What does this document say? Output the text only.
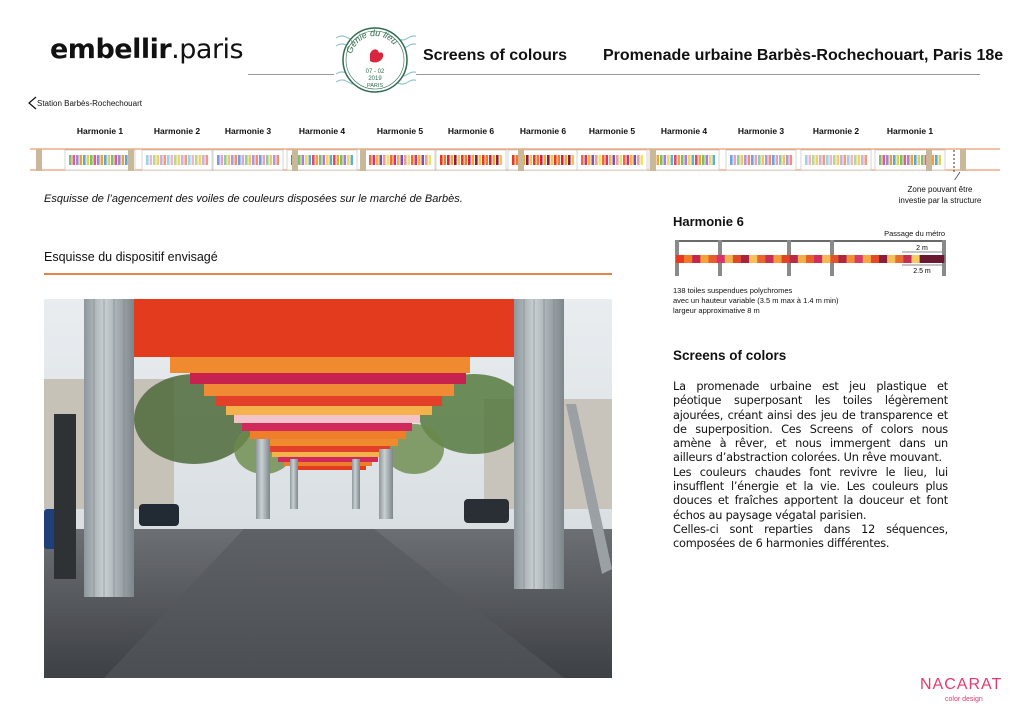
embellir.paris	Génie du lieu
07 - 02
2019
PARIS
Screens of colours Promenade urbaine Barbès-Rochechouart, Paris 18e
Station Barbès-Rochechouart
Harmonie 1	Harmonie 2	Harmonie 3	Harmonie 4	Harmonie 5	Harmonie 6	Harmonie 6	Harmonie 5	Harmonie 4	Harmonie 3	Harmonie 2	Harmonie 1
Zone pouvant être
investie par la structure
Esquisse de l’agencement des voiles de couleurs disposées sur le marché de Barbès.
Esquisse du dispositif envisagé
Harmonie 6
Passage du métro
2 m
2.5 m
138 toiles suspendues polychromes
avec un hauteur variable (3.5 m max à 1.4 m min)
largeur approximative 8 m
Screens of colors

La promenade urbaine est jeu plastique et péotique superposant les toiles légèrement ajourées, créant ainsi des jeu de transparence et de superposition. Ces Screens of colors nous amène à rêver, et nous immergent dans un ailleurs d’abstraction colorées. Un rêve mouvant.

Les couleurs chaudes font revivre le lieu, lui insufflent l’énergie et la vie. Les couleurs plus douces et fraîches apportent la douceur et font échos au paysage végatal parisien.

Celles-ci sont reparties dans 12 séquences, composées de 6 harmonies différentes.

NACARAT
color design
